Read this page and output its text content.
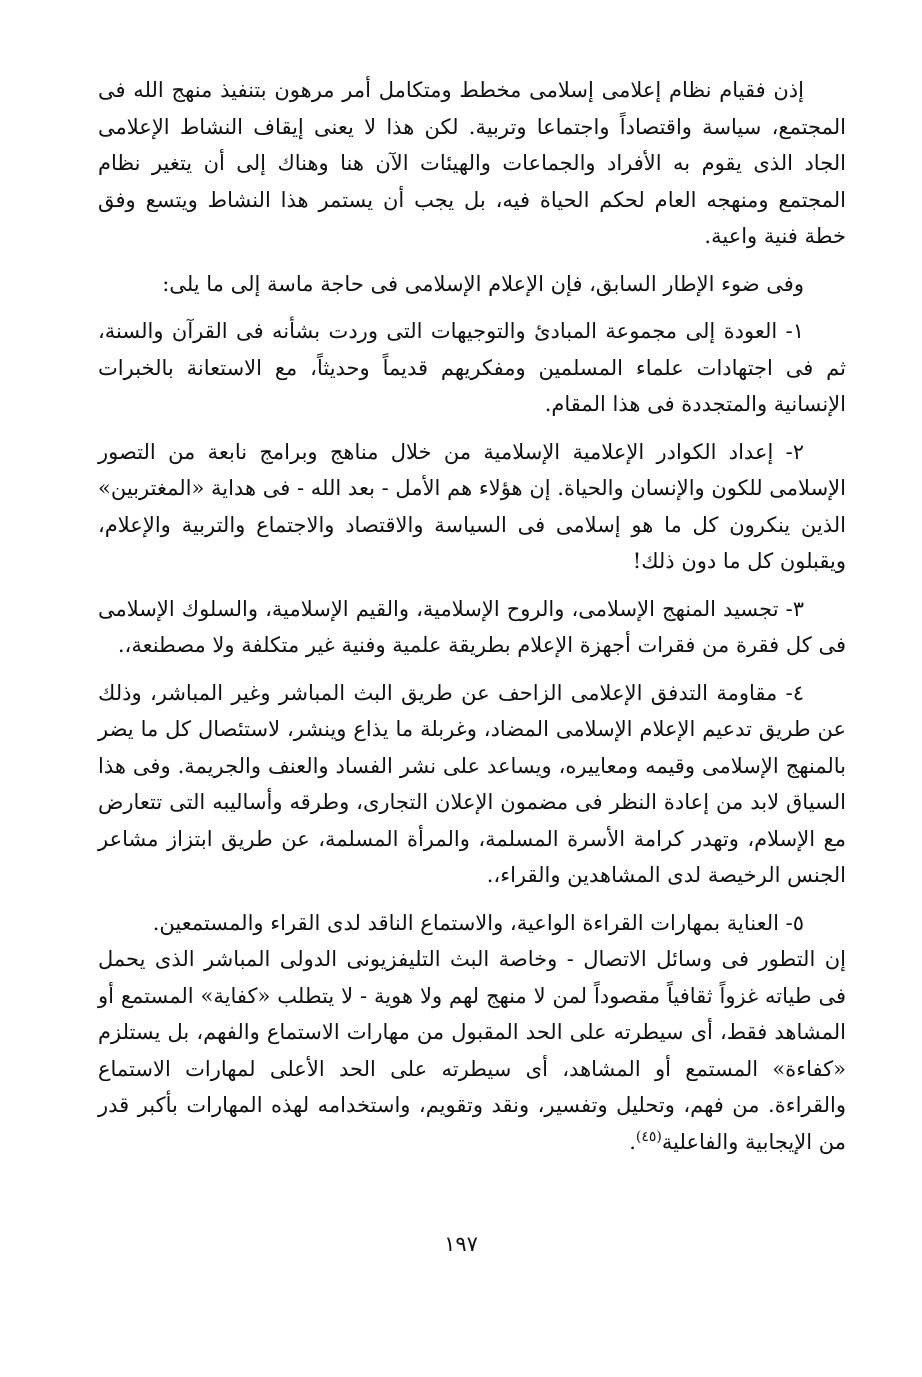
إذن فقيام نظام إعلامى إسلامى مخطط ومتكامل أمر مرهون بتنفيذ منهج الله فى المجتمع، سياسة واقتصاداً واجتماعا وتربية. لكن هذا لا يعنى إيقاف النشاط الإعلامى الجاد الذى يقوم به الأفراد والجماعات والهيئات الآن هنا وهناك إلى أن يتغير نظام المجتمع ومنهجه العام لحكم الحياة فيه، بل يجب أن يستمر هذا النشاط ويتسع وفق خطة فنية واعية.

وفى ضوء الإطار السابق، فإن الإعلام الإسلامى فى حاجة ماسة إلى ما يلى:

١- العودة إلى مجموعة المبادئ والتوجيهات التى وردت بشأنه فى القرآن والسنة، ثم فى اجتهادات علماء المسلمين ومفكريهم قديماً وحديثاً، مع الاستعانة بالخبرات الإنسانية والمتجددة فى هذا المقام.

٢- إعداد الكوادر الإعلامية الإسلامية من خلال مناهج وبرامج نابعة من التصور الإسلامى للكون والإنسان والحياة. إن هؤلاء هم الأمل - بعد الله - فى هداية «المغتربين» الذين ينكرون كل ما هو إسلامى فى السياسة والاقتصاد والاجتماع والتربية والإعلام، ويقبلون كل ما دون ذلك!

٣- تجسيد المنهج الإسلامى، والروح الإسلامية، والقيم الإسلامية، والسلوك الإسلامى فى كل فقرة من فقرات أجهزة الإعلام بطريقة علمية وفنية غير متكلفة ولا مصطنعة،.

٤- مقاومة التدفق الإعلامى الزاحف عن طريق البث المباشر وغير المباشر، وذلك عن طريق تدعيم الإعلام الإسلامى المضاد، وغربلة ما يذاع وينشر، لاستئصال كل ما يضر بالمنهج الإسلامى وقيمه ومعاييره، ويساعد على نشر الفساد والعنف والجريمة. وفى هذا السياق لابد من إعادة النظر فى مضمون الإعلان التجارى، وطرقه وأساليبه التى تتعارض مع الإسلام، وتهدر كرامة الأسرة المسلمة، والمرأة المسلمة، عن طريق ابتزاز مشاعر الجنس الرخيصة لدى المشاهدين والقراء،.

٥- العناية بمهارات القراءة الواعية، والاستماع الناقد لدى القراء والمستمعين.

إن التطور فى وسائل الاتصال - وخاصة البث التليفزيونى الدولى المباشر الذى يحمل فى طياته غزواً ثقافياً مقصوداً لمن لا منهج لهم ولا هوية - لا يتطلب «كفاية» المستمع أو المشاهد فقط، أى سيطرته على الحد المقبول من مهارات الاستماع والفهم، بل يستلزم «كفاءة» المستمع أو المشاهد، أى سيطرته على الحد الأعلى لمهارات الاستماع والقراءة. من فهم، وتحليل وتفسير، ونقد وتقويم، واستخدامه لهذه المهارات بأكبر قدر من الإيجابية والفاعلية$^{(٤٥)}$.

١٩٧
